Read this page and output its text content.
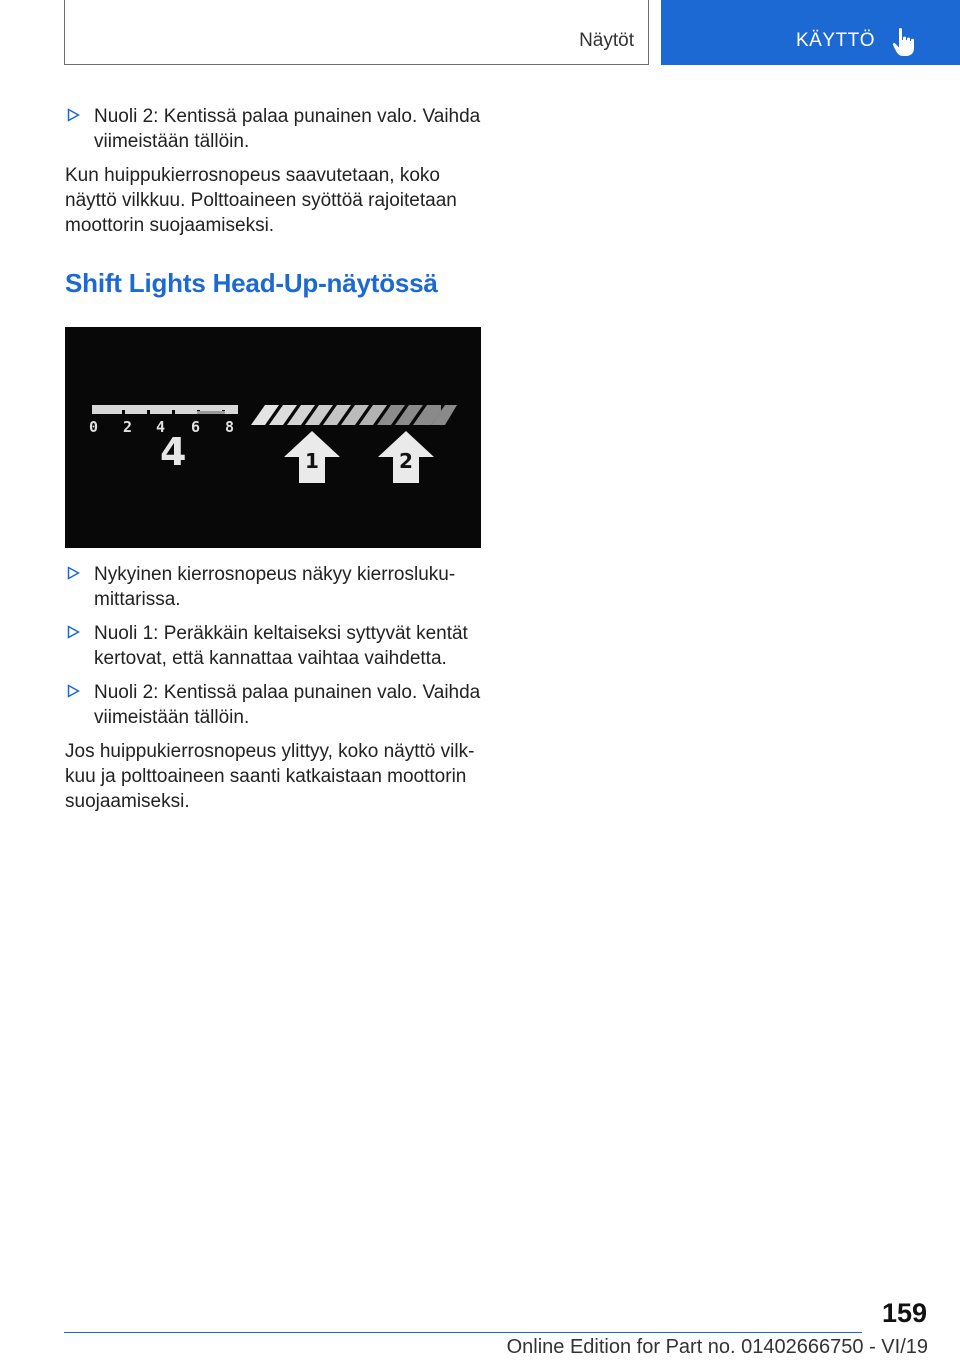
Näytöt	KÄYTTÖ
Nuoli 2: Kentissä palaa punainen valo. Vaihda viimeistään tällöin.

Kun huippukierrosnopeus saavutetaan, koko näyttö vilkkuu. Polttoaineen syöttöä rajoitetaan moottorin suojaamiseksi.

Shift Lights Head-Up-näytössä
0 2 4 6 8
4	1	2
Nykyinen kierrosnopeus näkyy kierrosluku-mittarissa.
Nuoli 1: Peräkkäin keltaiseksi syttyvät kentät kertovat, että kannattaa vaihtaa vaihdetta.
Nuoli 2: Kentissä palaa punainen valo. Vaihda viimeistään tällöin.

Jos huippukierrosnopeus ylittyy, koko näyttö vilk-kuu ja polttoaineen saanti katkaistaan moottorin suojaamiseksi.

159
Online Edition for Part no. 01402666750 - VI/19
